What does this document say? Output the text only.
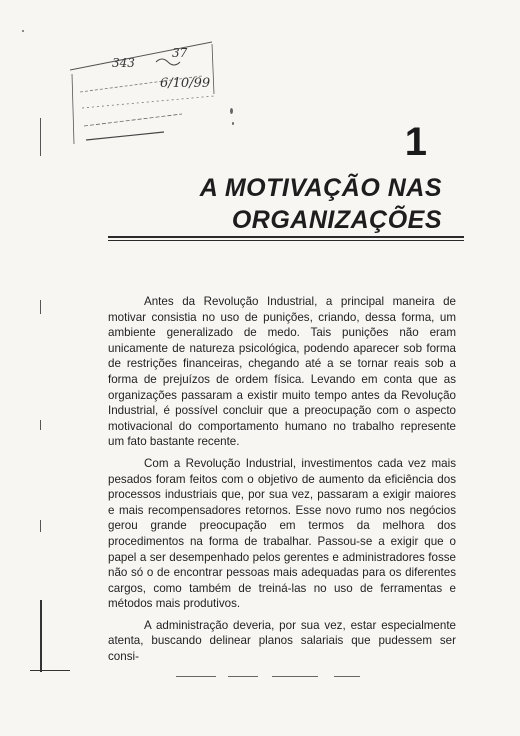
343
37
6/10/99
1
A MOTIVAÇÃO NAS
ORGANIZAÇÕES

Antes da Revolução Industrial, a principal maneira de motivar consistia no uso de punições, criando, dessa forma, um ambiente generalizado de medo. Tais punições não eram unicamente de natureza psicológica, podendo aparecer sob forma de restrições financeiras, chegando até a se tornar reais sob a forma de prejuízos de ordem física. Levando em conta que as organizações passaram a existir muito tempo antes da Revolução Industrial, é possível concluir que a preocupação com o aspecto motivacional do comportamento humano no trabalho represente um fato bastante recente.

Com a Revolução Industrial, investimentos cada vez mais pesados foram feitos com o objetivo de aumento da eficiência dos processos industriais que, por sua vez, passaram a exigir maiores e mais recompensadores retornos. Esse novo rumo nos negócios gerou grande preocupação em termos da melhora dos procedimentos na forma de trabalhar. Passou-se a exigir que o papel a ser desempenhado pelos gerentes e administradores fosse não só o de encontrar pessoas mais adequadas para os diferentes cargos, como também de treiná-las no uso de ferramentas e métodos mais produtivos.

A administração deveria, por sua vez, estar especialmente atenta, buscando delinear planos salariais que pudessem ser consi-
